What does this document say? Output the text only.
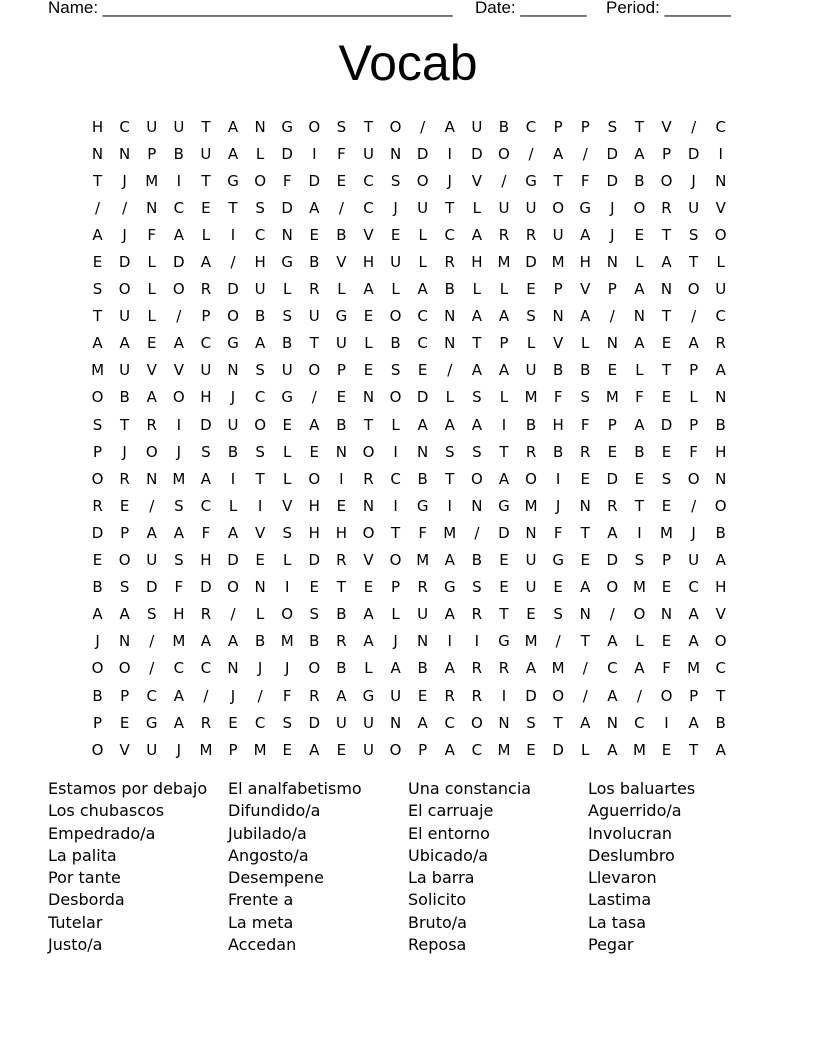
Name: _____________________________________

Date: _______

Period: _______

Vocab
H	C	U	U	T	A	N	G	O	S	T	O	/	A	U	B	C	P	P	S	T	V	/	C
N	N	P	B	U	A	L	D	I	F	U	N	D	I	D	O	/	A	/	D	A	P	D	I
T	J	M	I	T	G	O	F	D	E	C	S	O	J	V	/	G	T	F	D	B	O	J	N
/	/	N	C	E	T	S	D	A	/	C	J	U	T	L	U	U	O	G	J	O	R	U	V
A	J	F	A	L	I	C	N	E	B	V	E	L	C	A	R	R	U	A	J	E	T	S	O
E	D	L	D	A	/	H	G	B	V	H	U	L	R	H M D M H	N	L	A	T	L
S	O	L	O	R	D	U	L	R	L	A	L	A	B	L	L	E	P	V	P	A	N	O	U
T	U	L	/	P	O	B	S	U	G	E	O	C	N	A	A	S	N	A	/	N	T	/	C
A	A	E	A	C	G	A	B	T	U	L	B	C	N	T	P	L	V	L	N	A	E	A	R
M	U	V	V	U	N	S	U	O	P	E	S	E	/	A	A	U	B	B	E	L	T	P	A
O	B	A	O	H	J	C	G	/	E	N	O	D	L	S	L	M	F	S	M	F	E	L	N
S	T	R	I	D	U	O	E	A	B	T	L	A	A	A	I	B	H	F	P	A	D	P	B
P	J	O	J	S	B	S	L	E	N	O	I	N	S	S	T	R	B	R	E	B	E	F	H
O	R	N	M	A	I	T	L	O	I	R	C	B	T	O	A	O	I	E	D	E	S	O	N
R	E	/	S	C	L	I	V	H	E	N	I	G	I	N	G M	J	N	R	T	E	/	O
D	P	A	A	F	A	V	S	H	H	O	T	F	M	/	D	N	F	T	A	I	M	J	B
E	O	U	S	H	D	E	L	D	R	V	O M	A	B	E	U	G	E	D	S	P	U	A
B	S	D	F	D	O	N	I	E	T	E	P	R	G	S	E	U	E	A	O M	E	C	H
A	A	S	H	R	/	L	O	S	B	A	L	U	A	R	T	E	S	N	/	O	N	A	V
J	N	/	M	A	A	B	M	B	R	A	J	N	I	I	G M	/	T	A	L	E	A	O
O	O	/	C	C	N	J	J	O	B	L	A	B	A	R	R	A	M	/	C	A	F	M	C
B	P	C	A	/	J	/	F	R	A	G	U	E	R	R	I	D	O	/	A	/	O	P	T
P	E	G	A	R	E	C	S	D	U	U	N	A	C	O	N	S	T	A	N	C	I	A	B
O	V	U	J	M	P	M	E	A	E	U	O	P	A	C	M	E	D	L	A	M	E	T	A
Estamos por debajo	El analfabetismo	Una constancia	Los baluartes
Los chubascos	Difundido/a	El carruaje	Aguerrido/a
Empedrado/a	Jubilado/a	El entorno	Involucran
La palita	Angosto/a	Ubicado/a	Deslumbro
Por tante	Desempene	La barra	Llevaron
Desborda	Frente a	Solicito	Lastima
Tutelar	La meta	Bruto/a	La tasa
Justo/a	Accedan	Reposa	Pegar
